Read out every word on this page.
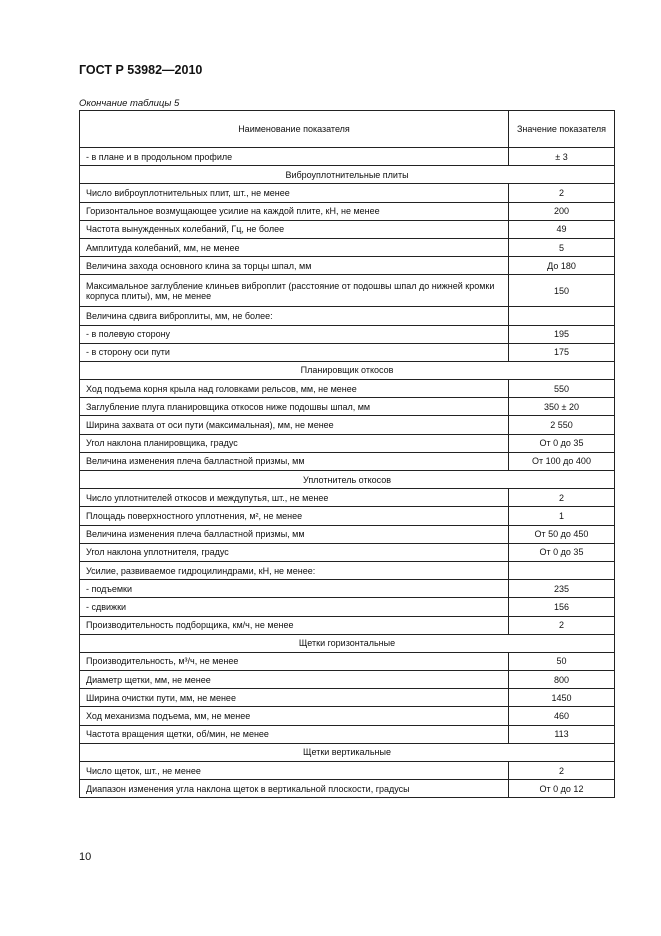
ГОСТ Р 53982—2010
Окончание таблицы 5
Наименование показателя	Значение показателя
- в плане и в продольном профиле	± 3
Виброуплотнительные плиты	
Число виброуплотнительных плит, шт., не менее	2
Горизонтальное возмущающее усилие на каждой плите, кН, не менее	200
Частота вынужденных колебаний, Гц, не более	49
Амплитуда колебаний, мм, не менее	5
Величина захода основного клина за торцы шпал, мм	До 180
Максимальное заглубление клиньев виброплит (расстояние от подошвы шпал до нижней кромки корпуса плиты), мм, не менее	150
Величина сдвига виброплиты, мм, не более:	
- в полевую сторону	195
- в сторону оси пути	175
Планировщик откосов	
Ход подъема корня крыла над головками рельсов, мм, не менее	550
Заглубление плуга планировщика откосов ниже подошвы шпал, мм	350 ± 20
Ширина захвата от оси пути (максимальная), мм, не менее	2 550
Угол наклона планировщика, градус	От 0 до 35
Величина изменения плеча балластной призмы, мм	От 100 до 400
Уплотнитель откосов	
Число уплотнителей откосов и междупутья, шт., не менее	2
Площадь поверхностного уплотнения, м², не менее	1
Величина изменения плеча балластной призмы, мм	От 50 до 450
Угол наклона уплотнителя, градус	От 0 до 35
Усилие, развиваемое гидроцилиндрами, кН, не менее:	
- подъемки	235
- сдвижки	156
Производительность подборщика, км/ч, не менее	2
Щетки горизонтальные	
Производительность, м³/ч, не менее	50
Диаметр щетки, мм, не менее	800
Ширина очистки пути, мм, не менее	1450
Ход механизма подъема, мм, не менее	460
Частота вращения щетки, об/мин, не менее	113
Щетки вертикальные	
Число щеток, шт., не менее	2
Диапазон изменения угла наклона щеток в вертикальной плоскости, градусы	От 0 до 12
10
